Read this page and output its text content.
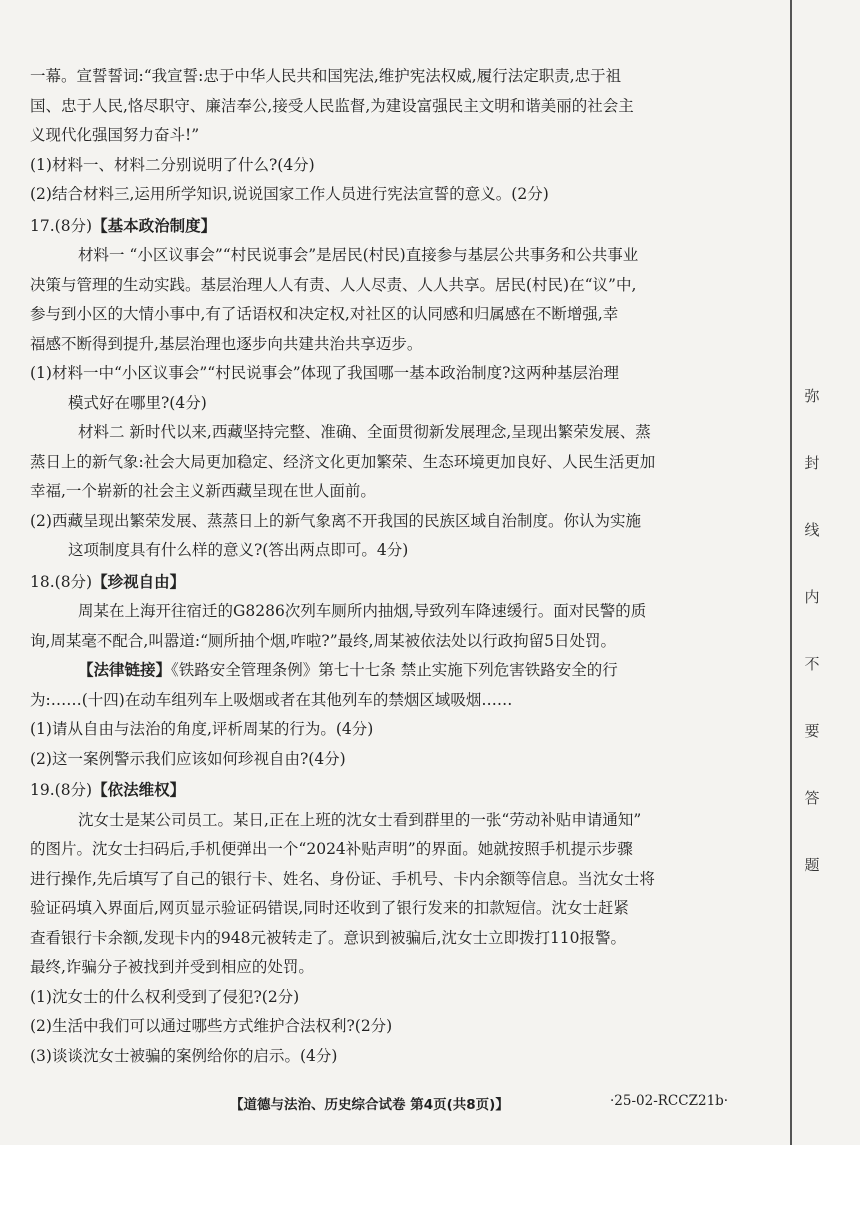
一幕。宣誓誓词:“我宣誓:忠于中华人民共和国宪法,维护宪法权威,履行法定职责,忠于祖
国、忠于人民,恪尽职守、廉洁奉公,接受人民监督,为建设富强民主文明和谐美丽的社会主
义现代化强国努力奋斗!”
(1)材料一、材料二分别说明了什么?(4分)
(2)结合材料三,运用所学知识,说说国家工作人员进行宪法宣誓的意义。(2分)
17.(8分)【基本政治制度】
材料一 “小区议事会”“村民说事会”是居民(村民)直接参与基层公共事务和公共事业
决策与管理的生动实践。基层治理人人有责、人人尽责、人人共享。居民(村民)在“议”中,
参与到小区的大情小事中,有了话语权和决定权,对社区的认同感和归属感在不断增强,幸
福感不断得到提升,基层治理也逐步向共建共治共享迈步。
(1)材料一中“小区议事会”“村民说事会”体现了我国哪一基本政治制度?这两种基层治理
模式好在哪里?(4分)
材料二 新时代以来,西藏坚持完整、准确、全面贯彻新发展理念,呈现出繁荣发展、蒸
蒸日上的新气象:社会大局更加稳定、经济文化更加繁荣、生态环境更加良好、人民生活更加
幸福,一个崭新的社会主义新西藏呈现在世人面前。
(2)西藏呈现出繁荣发展、蒸蒸日上的新气象离不开我国的民族区域自治制度。你认为实施
这项制度具有什么样的意义?(答出两点即可。4分)
18.(8分)【珍视自由】
周某在上海开往宿迁的G8286次列车厕所内抽烟,导致列车降速缓行。面对民警的质
询,周某毫不配合,叫嚣道:“厕所抽个烟,咋啦?”最终,周某被依法处以行政拘留5日处罚。
【法律链接】《铁路安全管理条例》第七十七条 禁止实施下列危害铁路安全的行
为:……(十四)在动车组列车上吸烟或者在其他列车的禁烟区域吸烟……
(1)请从自由与法治的角度,评析周某的行为。(4分)
(2)这一案例警示我们应该如何珍视自由?(4分)
19.(8分)【依法维权】
沈女士是某公司员工。某日,正在上班的沈女士看到群里的一张“劳动补贴申请通知”
的图片。沈女士扫码后,手机便弹出一个“2024补贴声明”的界面。她就按照手机提示步骤
进行操作,先后填写了自己的银行卡、姓名、身份证、手机号、卡内余额等信息。当沈女士将
验证码填入界面后,网页显示验证码错误,同时还收到了银行发来的扣款短信。沈女士赶紧
查看银行卡余额,发现卡内的948元被转走了。意识到被骗后,沈女士立即拨打110报警。
最终,诈骗分子被找到并受到相应的处罚。
(1)沈女士的什么权利受到了侵犯?(2分)
(2)生活中我们可以通过哪些方式维护合法权利?(2分)
(3)谈谈沈女士被骗的案例给你的启示。(4分)
【道德与法治、历史综合试卷 第4页(共8页)】	·25-02-RCCZ21b·
弥
封
线
内
不
要
答
题
